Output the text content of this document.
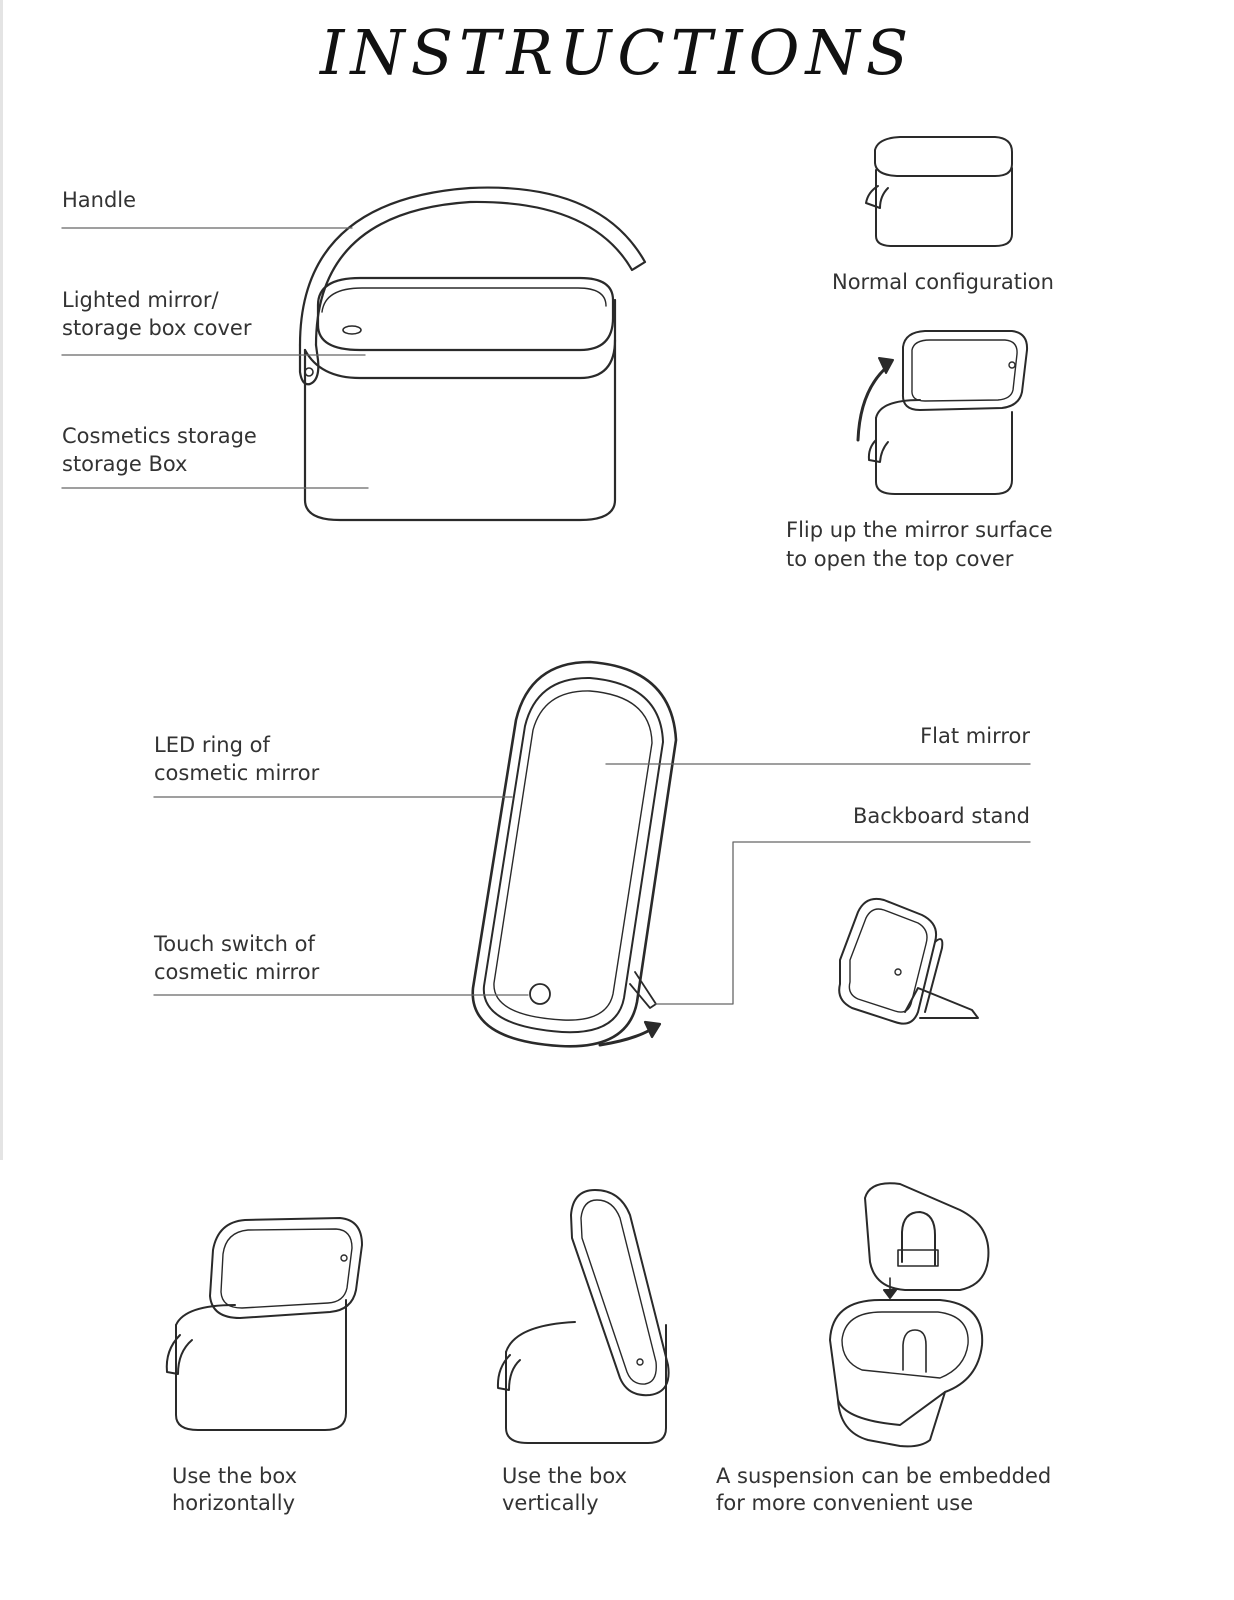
INSTRUCTIONS
Handle
Lighted mirror/
storage box cover
Cosmetics storage
storage Box
Normal configuration
Flip up the mirror surface
to open the top cover
LED ring of
cosmetic mirror
Flat mirror
Backboard stand
Touch switch of
cosmetic mirror
Use the box
horizontally
Use the box
vertically
A suspension can be embedded
for more convenient use
